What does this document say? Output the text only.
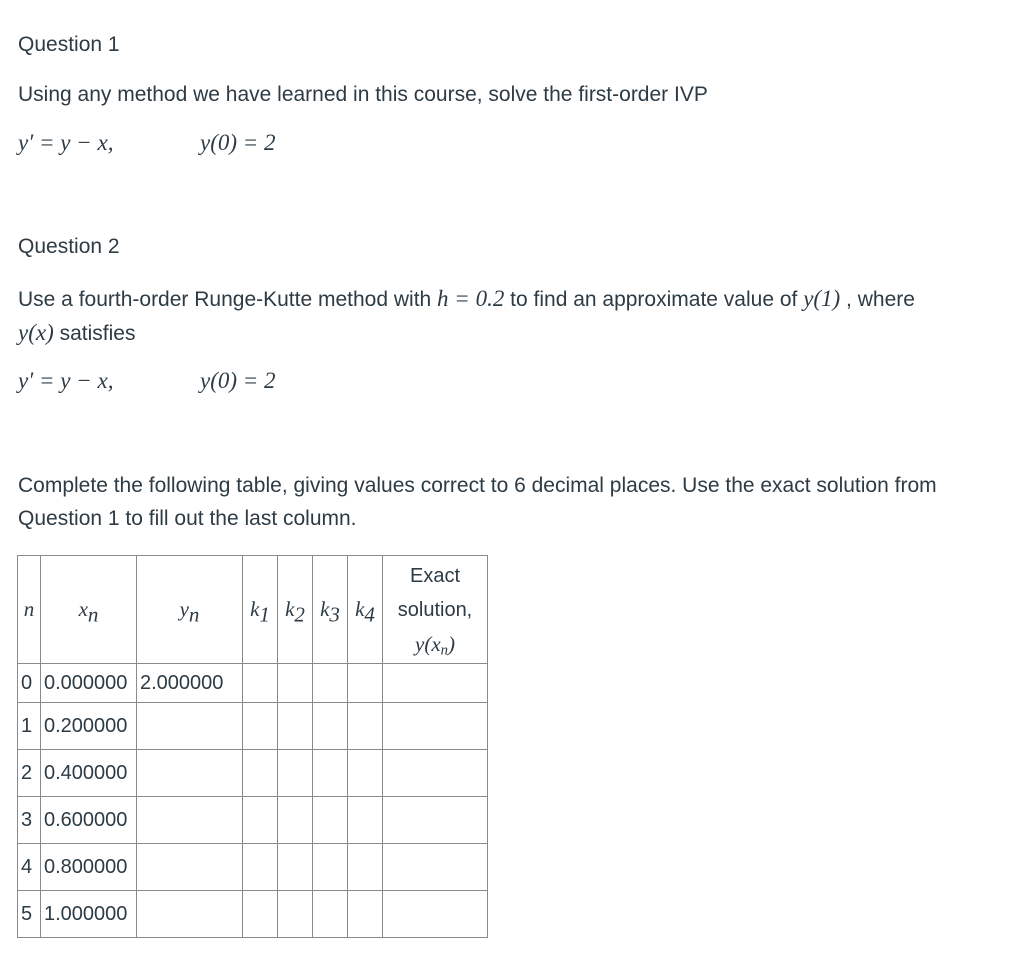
Question 1
Using any method we have learned in this course, solve the first-order IVP
y′ = y − x,	y(0) = 2
Question 2
Use a fourth-order Runge-Kutte method with h = 0.2 to find an approximate value of y(1) , where
y(x) satisfies
y′ = y − x,	y(0) = 2
Complete the following table, giving values correct to 6 decimal places. Use the exact solution from
Question 1 to fill out the last column.
n	$x_n$	$y_n$	$k_1$	$k_2$	$k_3$	$k_4$	Exact
solution,
$y(x_n)$

0	0.000000	2.000000					
1	0.200000						
2	0.400000						
3	0.600000						
4	0.800000						
5	1.000000						
